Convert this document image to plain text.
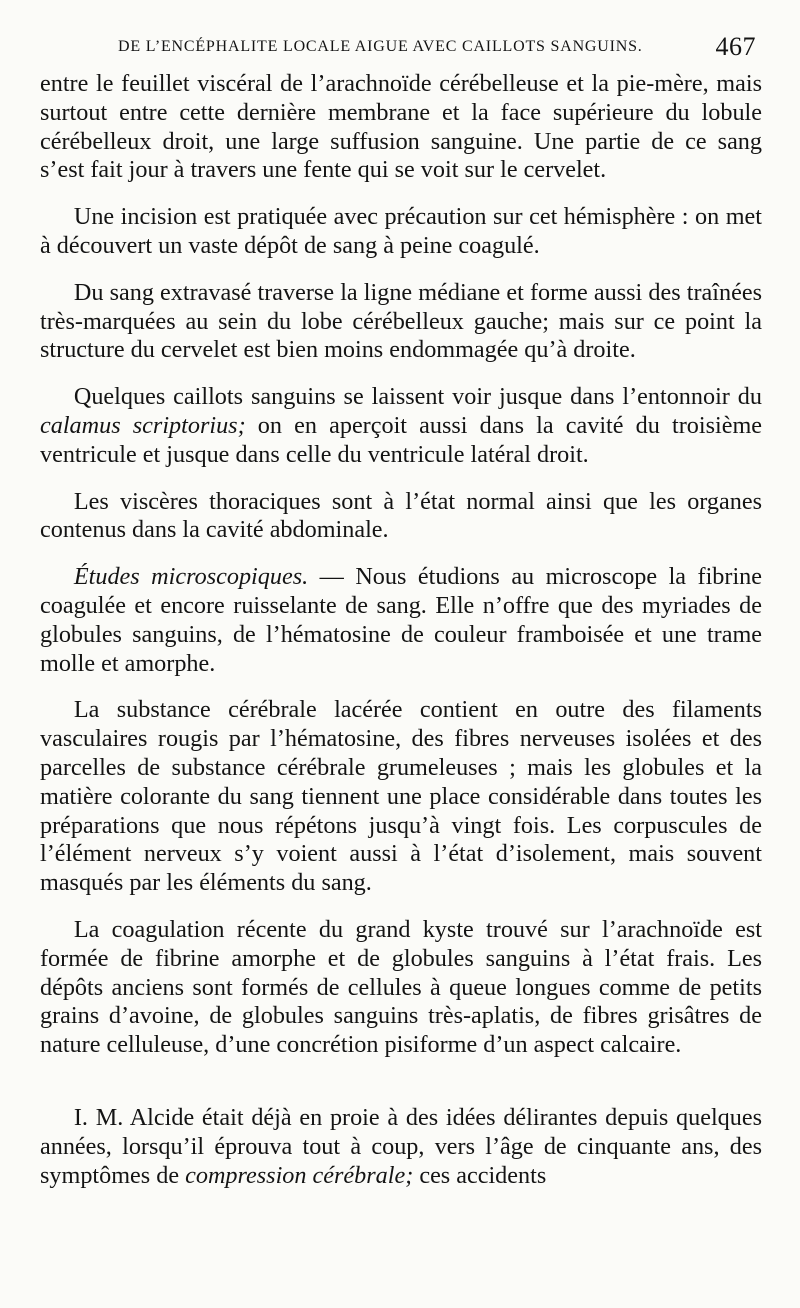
DE L’ENCÉPHALITE LOCALE AIGUE AVEC CAILLOTS SANGUINS.	467

entre le feuillet viscéral de l’arachnoïde cérébelleuse et la pie-mère, mais surtout entre cette dernière membrane et la face supérieure du lobule cérébelleux droit, une large suffusion sanguine. Une partie de ce sang s’est fait jour à travers une fente qui se voit sur le cervelet.

Une incision est pratiquée avec précaution sur cet hémisphère : on met à découvert un vaste dépôt de sang à peine coagulé.

Du sang extravasé traverse la ligne médiane et forme aussi des traînées très-marquées au sein du lobe cérébelleux gauche; mais sur ce point la structure du cervelet est bien moins endommagée qu’à droite.

Quelques caillots sanguins se laissent voir jusque dans l’entonnoir du calamus scriptorius; on en aperçoit aussi dans la cavité du troisième ventricule et jusque dans celle du ventricule latéral droit.

Les viscères thoraciques sont à l’état normal ainsi que les organes contenus dans la cavité abdominale.

Études microscopiques. — Nous étudions au microscope la fibrine coagulée et encore ruisselante de sang. Elle n’offre que des myriades de globules sanguins, de l’hématosine de couleur framboisée et une trame molle et amorphe.

La substance cérébrale lacérée contient en outre des filaments vasculaires rougis par l’hématosine, des fibres nerveuses isolées et des parcelles de substance cérébrale grumeleuses ; mais les globules et la matière colorante du sang tiennent une place considérable dans toutes les préparations que nous répétons jusqu’à vingt fois. Les corpuscules de l’élément nerveux s’y voient aussi à l’état d’isolement, mais souvent masqués par les éléments du sang.

La coagulation récente du grand kyste trouvé sur l’arachnoïde est formée de fibrine amorphe et de globules sanguins à l’état frais. Les dépôts anciens sont formés de cellules à queue longues comme de petits grains d’avoine, de globules sanguins très-aplatis, de fibres grisâtres de nature celluleuse, d’une concrétion pisiforme d’un aspect calcaire.

I. M. Alcide était déjà en proie à des idées délirantes depuis quelques années, lorsqu’il éprouva tout à coup, vers l’âge de cinquante ans, des symptômes de compression cérébrale; ces accidents
